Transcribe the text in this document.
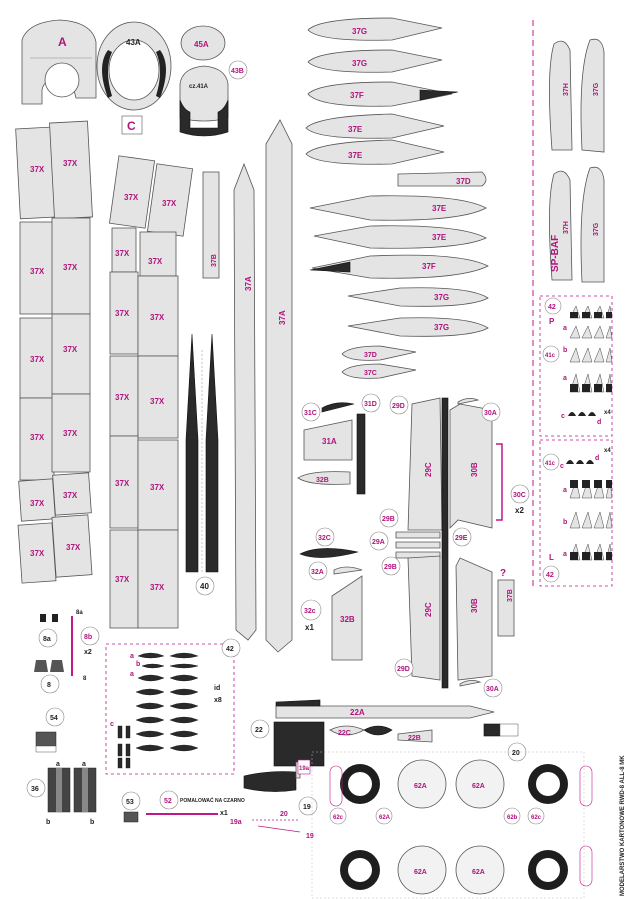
A	43A	45A
cz.41A
43B
C
37X
37X
37X 37X
37X
37X
37X 37X
37X
37X
37X
37X
37X
37X
37X
37X
37X	37X
37X	37X
37X	37X
37X
37X	40
37B
37A
37A
37G
37G
37F
37E
37E
37D
37E
37E
37F
37G
37G
37D
37C
31C
31D
31A
32B
32C
32A
32c
x1
32B
29D
29C	30B
30A
30C
x2
29B
29A
29E
29B
29C	30B
37B
?
29D
30A
37H	37G
37H	37G
SP-BAF
42
P
41c
a
b
a
c
d
x4
41c
d
x4
c
a
b
a
L
42
8a
8a
8b
x2
8
8
54
36
a	a
b	b
42
a
b
a
c
id
x8
53	52 POMALOWAĆ NA CZARNO
x1
22A
22	22C
22B
20
19a
19
20
19a
19
62A	62A
62A	62A
62c	62A	62b 62c	MODELARSTWO KARTONOWE RWD-8 ALL-8 MK
